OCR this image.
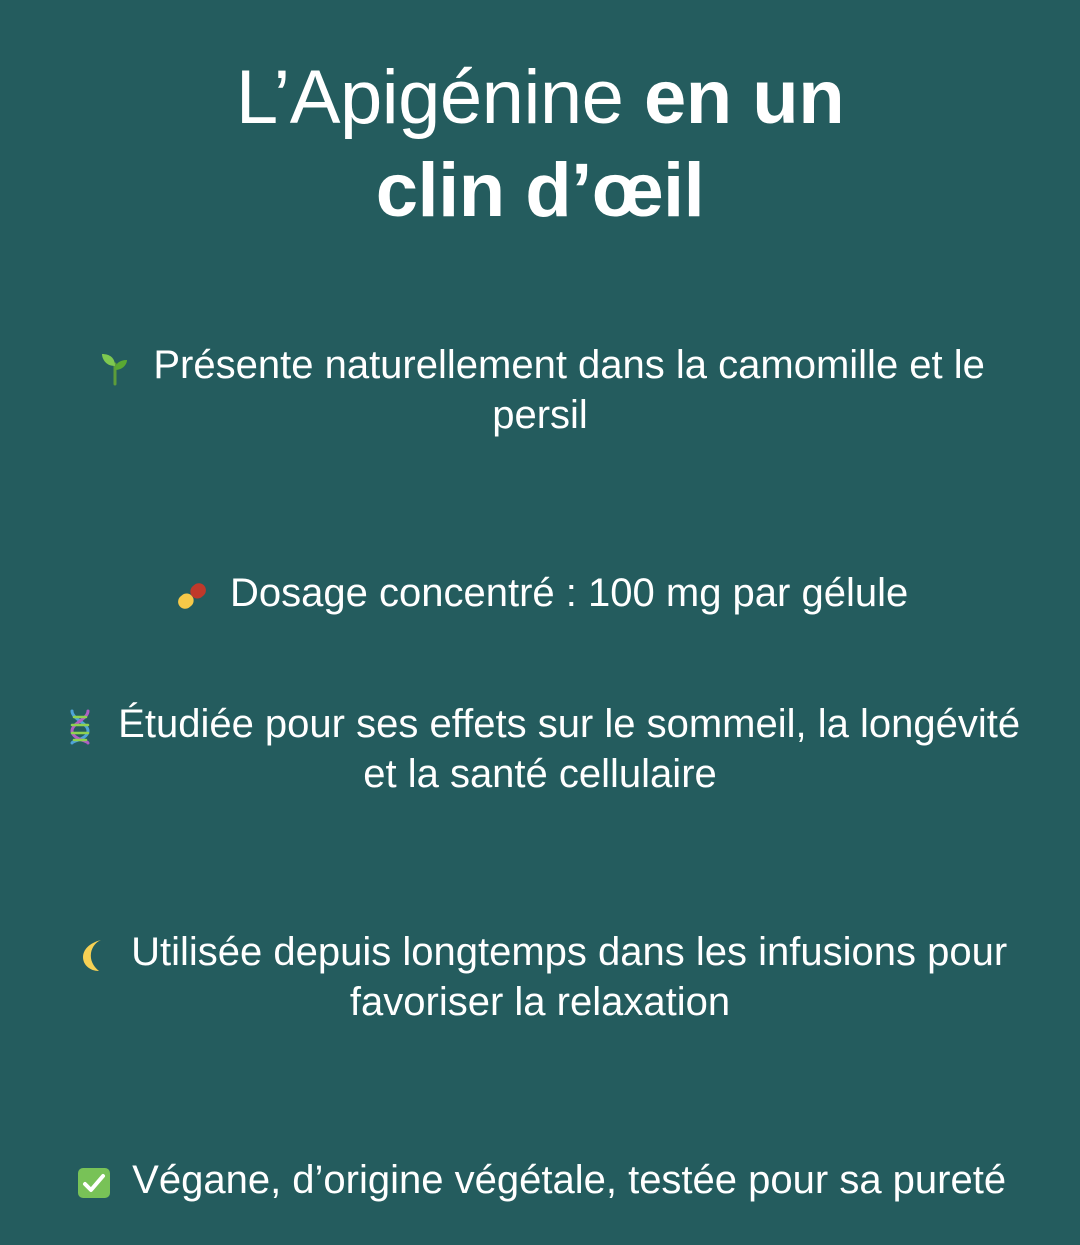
L’Apigénine en un
clin d’œil

Présente naturellement dans la camomille et le persil

Dosage concentré : 100 mg par gélule

Étudiée pour ses effets sur le sommeil, la longévité et la santé cellulaire

Utilisée depuis longtemps dans les infusions pour favoriser la relaxation

Végane, d’origine végétale, testée pour sa pureté
